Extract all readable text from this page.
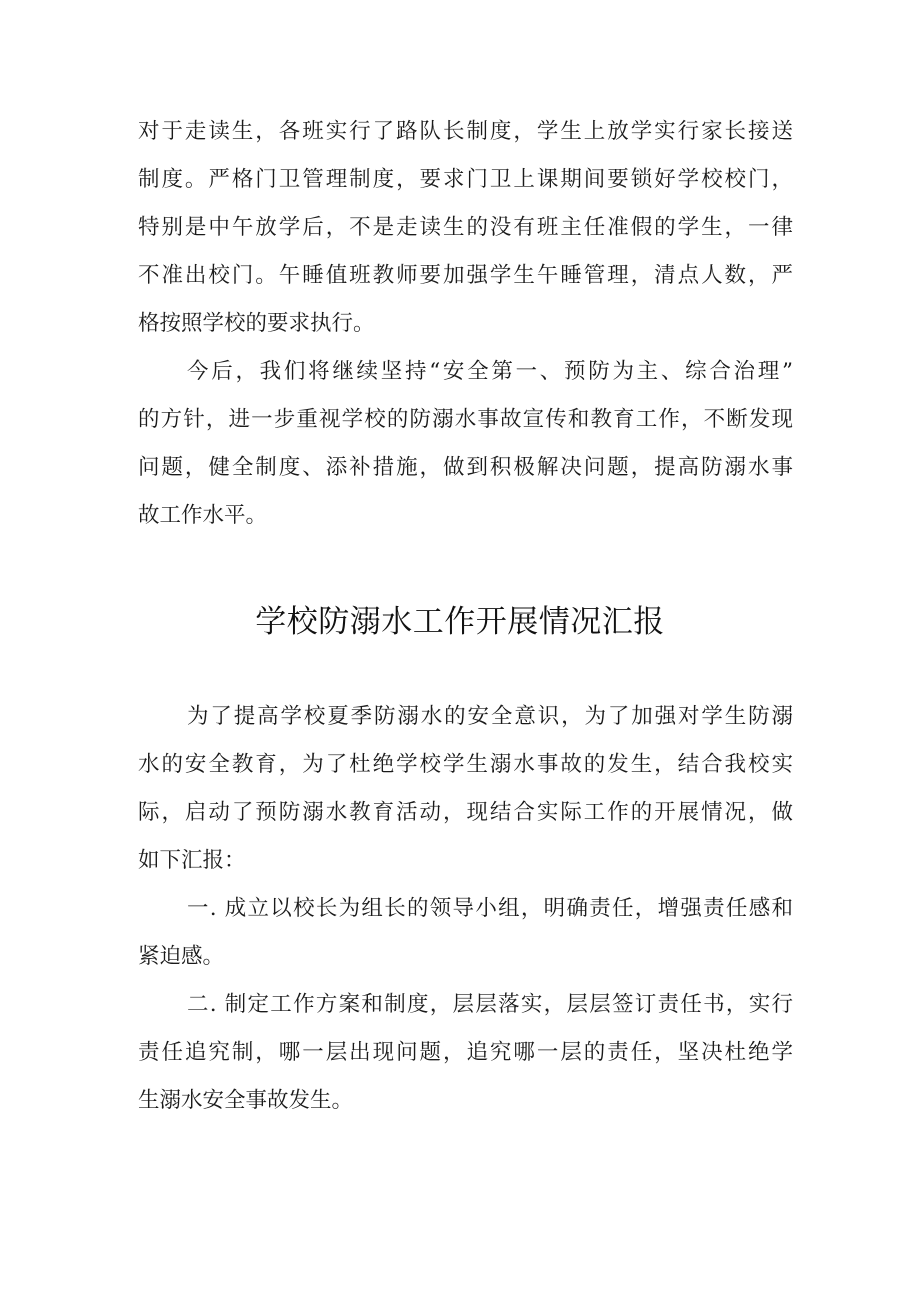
对于走读生，各班实行了路队长制度，学生上放学实行家长接送
制度。严格门卫管理制度，要求门卫上课期间要锁好学校校门，
特别是中午放学后，不是走读生的没有班主任准假的学生，一律
不准出校门。午睡值班教师要加强学生午睡管理，清点人数，严
格按照学校的要求执行。
今后，我们将继续坚持“安全第一、预防为主、综合治理”
的方针，进一步重视学校的防溺水事故宣传和教育工作，不断发现
问题，健全制度、添补措施，做到积极解决问题，提高防溺水事
故工作水平。
学校防溺水工作开展情况汇报
为了提高学校夏季防溺水的安全意识，为了加强对学生防溺
水的安全教育，为了杜绝学校学生溺水事故的发生，结合我校实
际，启动了预防溺水教育活动，现结合实际工作的开展情况，做
如下汇报：
一. 成立以校长为组长的领导小组，明确责任，增强责任感和
紧迫感。
二. 制定工作方案和制度，层层落实，层层签订责任书，实行
责任追究制，哪一层出现问题，追究哪一层的责任，坚决杜绝学
生溺水安全事故发生。
